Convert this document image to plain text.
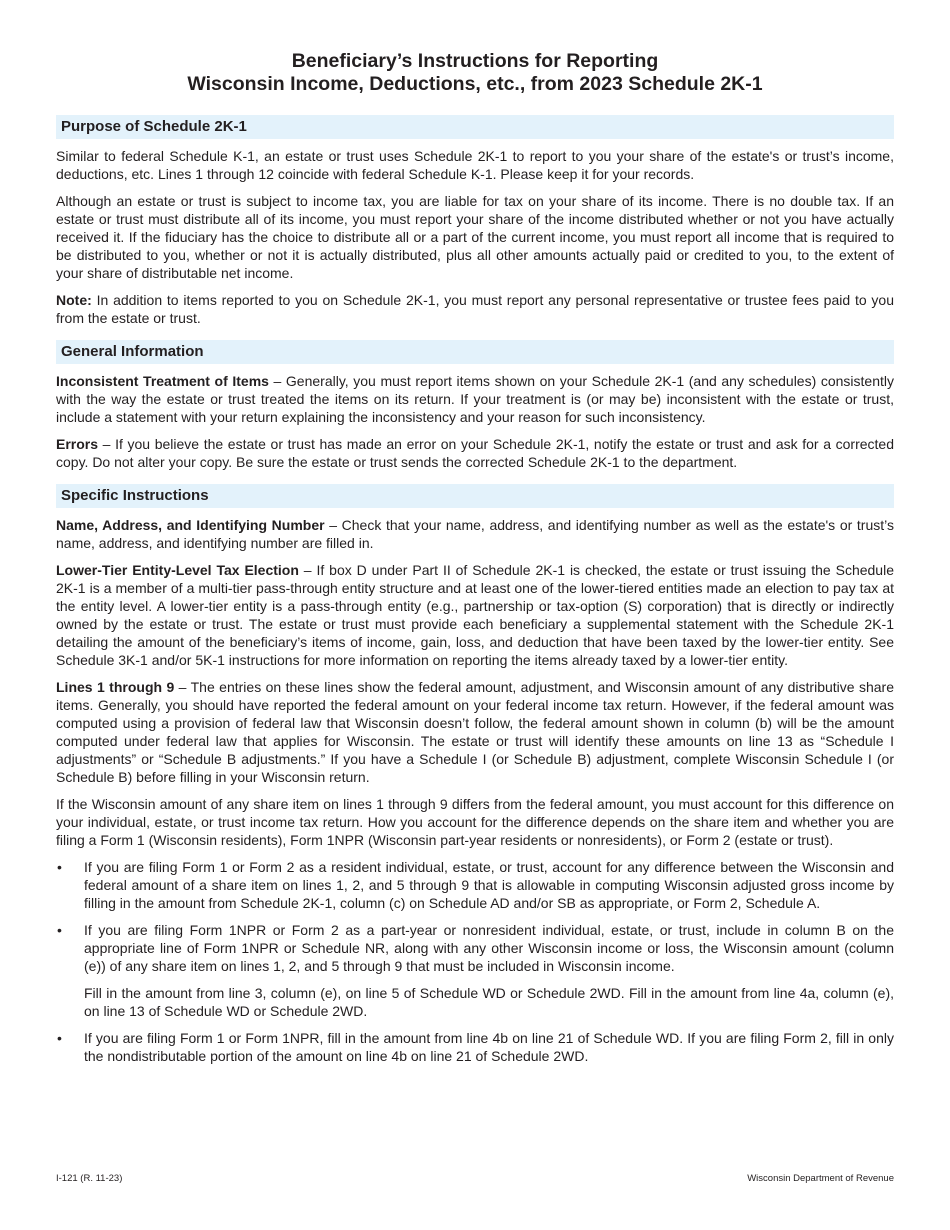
Beneficiary’s Instructions for Reporting
Wisconsin Income, Deductions, etc., from 2023 Schedule 2K-1
Purpose of Schedule 2K-1

Similar to federal Schedule K-1, an estate or trust uses Schedule 2K-1 to report to you your share of the estate's or trust’s income, deductions, etc. Lines 1 through 12 coincide with federal Schedule K-1. Please keep it for your records.

Although an estate or trust is subject to income tax, you are liable for tax on your share of its income. There is no double tax. If an estate or trust must distribute all of its income, you must report your share of the income distributed whether or not you have actually received it. If the fiduciary has the choice to distribute all or a part of the current income, you must report all income that is required to be distributed to you, whether or not it is actually distributed, plus all other amounts actually paid or credited to you, to the extent of your share of distributable net income.

Note: In addition to items reported to you on Schedule 2K-1, you must report any personal representative or trustee fees paid to you from the estate or trust.

General Information

Inconsistent Treatment of Items – Generally, you must report items shown on your Schedule 2K-1 (and any schedules) consistently with the way the estate or trust treated the items on its return. If your treatment is (or may be) inconsistent with the estate or trust, include a statement with your return explaining the inconsistency and your reason for such inconsistency.

Errors – If you believe the estate or trust has made an error on your Schedule 2K-1, notify the estate or trust and ask for a corrected copy. Do not alter your copy. Be sure the estate or trust sends the corrected Schedule 2K-1 to the department.

Specific Instructions

Name, Address, and Identifying Number – Check that your name, address, and identifying number as well as the estate's or trust’s name, address, and identifying number are filled in.

Lower-Tier Entity-Level Tax Election – If box D under Part II of Schedule 2K-1 is checked, the estate or trust issuing the Schedule 2K-1 is a member of a multi-tier pass-through entity structure and at least one of the lower-tiered entities made an election to pay tax at the entity level. A lower-tier entity is a pass-through entity (e.g., partnership or tax-option (S) corporation) that is directly or indirectly owned by the estate or trust. The estate or trust must provide each beneficiary a supplemental statement with the Schedule 2K-1 detailing the amount of the beneficiary’s items of income, gain, loss, and deduction that have been taxed by the lower-tier entity. See Schedule 3K-1 and/or 5K-1 instructions for more information on reporting the items already taxed by a lower-tier entity.

Lines 1 through 9 – The entries on these lines show the federal amount, adjustment, and Wisconsin amount of any distributive share items. Generally, you should have reported the federal amount on your federal income tax return. However, if the federal amount was computed using a provision of federal law that Wisconsin doesn’t follow, the federal amount shown in column (b) will be the amount computed under federal law that applies for Wisconsin. The estate or trust will identify these amounts on line 13 as “Schedule I adjustments” or “Schedule B adjustments.” If you have a Schedule I (or Schedule B) adjustment, complete Wisconsin Schedule I (or Schedule B) before filling in your Wisconsin return.

If the Wisconsin amount of any share item on lines 1 through 9 differs from the federal amount, you must account for this difference on your individual, estate, or trust income tax return. How you account for the difference depends on the share item and whether you are filing a Form 1 (Wisconsin residents), Form 1NPR (Wisconsin part-year residents or nonresidents), or Form 2 (estate or trust).

• If you are filing Form 1 or Form 2 as a resident individual, estate, or trust, account for any difference between the Wisconsin and federal amount of a share item on lines 1, 2, and 5 through 9 that is allowable in computing Wisconsin adjusted gross income by filling in the amount from Schedule 2K-1, column (c) on Schedule AD and/or SB as appropriate, or Form 2, Schedule A.

• If you are filing Form 1NPR or Form 2 as a part-year or nonresident individual, estate, or trust, include in column B on the appropriate line of Form 1NPR or Schedule NR, along with any other Wisconsin income or loss, the Wisconsin amount (column (e)) of any share item on lines 1, 2, and 5 through 9 that must be included in Wisconsin income.

Fill in the amount from line 3, column (e), on line 5 of Schedule WD or Schedule 2WD. Fill in the amount from line 4a, column (e), on line 13 of Schedule WD or Schedule 2WD.

• If you are filing Form 1 or Form 1NPR, fill in the amount from line 4b on line 21 of Schedule WD. If you are filing Form 2, fill in only the nondistributable portion of the amount on line 4b on line 21 of Schedule 2WD.

I-121 (R. 11-23)	Wisconsin Department of Revenue
